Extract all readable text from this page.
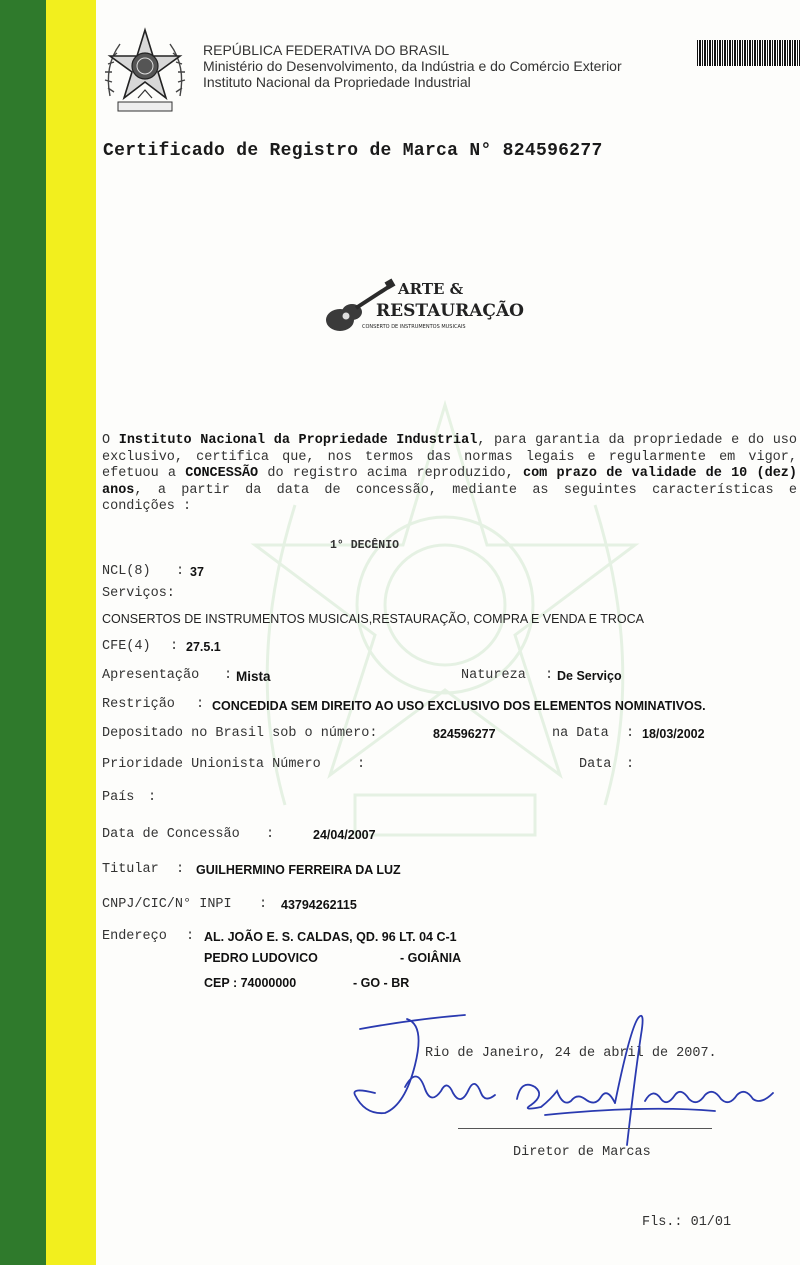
REPÚBLICA FEDERATIVA DO BRASIL
Ministério do Desenvolvimento, da Indústria e do Comércio Exterior
Instituto Nacional da Propriedade Industrial
Certificado de Registro de Marca N° 824596277
ARTE &
RESTAURAÇÃO
CONSERTO DE INSTRUMENTOS MUSICAIS
O Instituto Nacional da Propriedade Industrial, para garantia da propriedade e do uso exclusivo, certifica que, nos termos das normas legais e regularmente em vigor, efetuou a CONCESSÃO do registro acima reproduzido, com prazo de validade de 10 (dez) anos, a partir da data de concessão, mediante as seguintes características e condições :
1° DECÊNIO
NCL(8) : 37
Serviços:
CONSERTOS DE INSTRUMENTOS MUSICAIS,RESTAURAÇÃO, COMPRA E VENDA E TROCA
CFE(4) : 27.5.1
Apresentação : Mista	Natureza : De Serviço
Restrição : CONCEDIDA SEM DIREITO AO USO EXCLUSIVO DOS ELEMENTOS NOMINATIVOS.
Depositado no Brasil sob o número:	824596277	na Data : 18/03/2002
Prioridade Unionista Número	:	Data :
País :
Data de Concessão :	24/04/2007
Titular : GUILHERMINO FERREIRA DA LUZ
CNPJ/CIC/N° INPI : 43794262115
Endereço : AL. JOÃO E. S. CALDAS, QD. 96 LT. 04 C-1
PEDRO LUDOVICO	- GOIÂNIA
CEP : 74000000	- GO - BR
Rio de Janeiro, 24 de abril de 2007.
Diretor de Marcas
Fls.: 01/01
